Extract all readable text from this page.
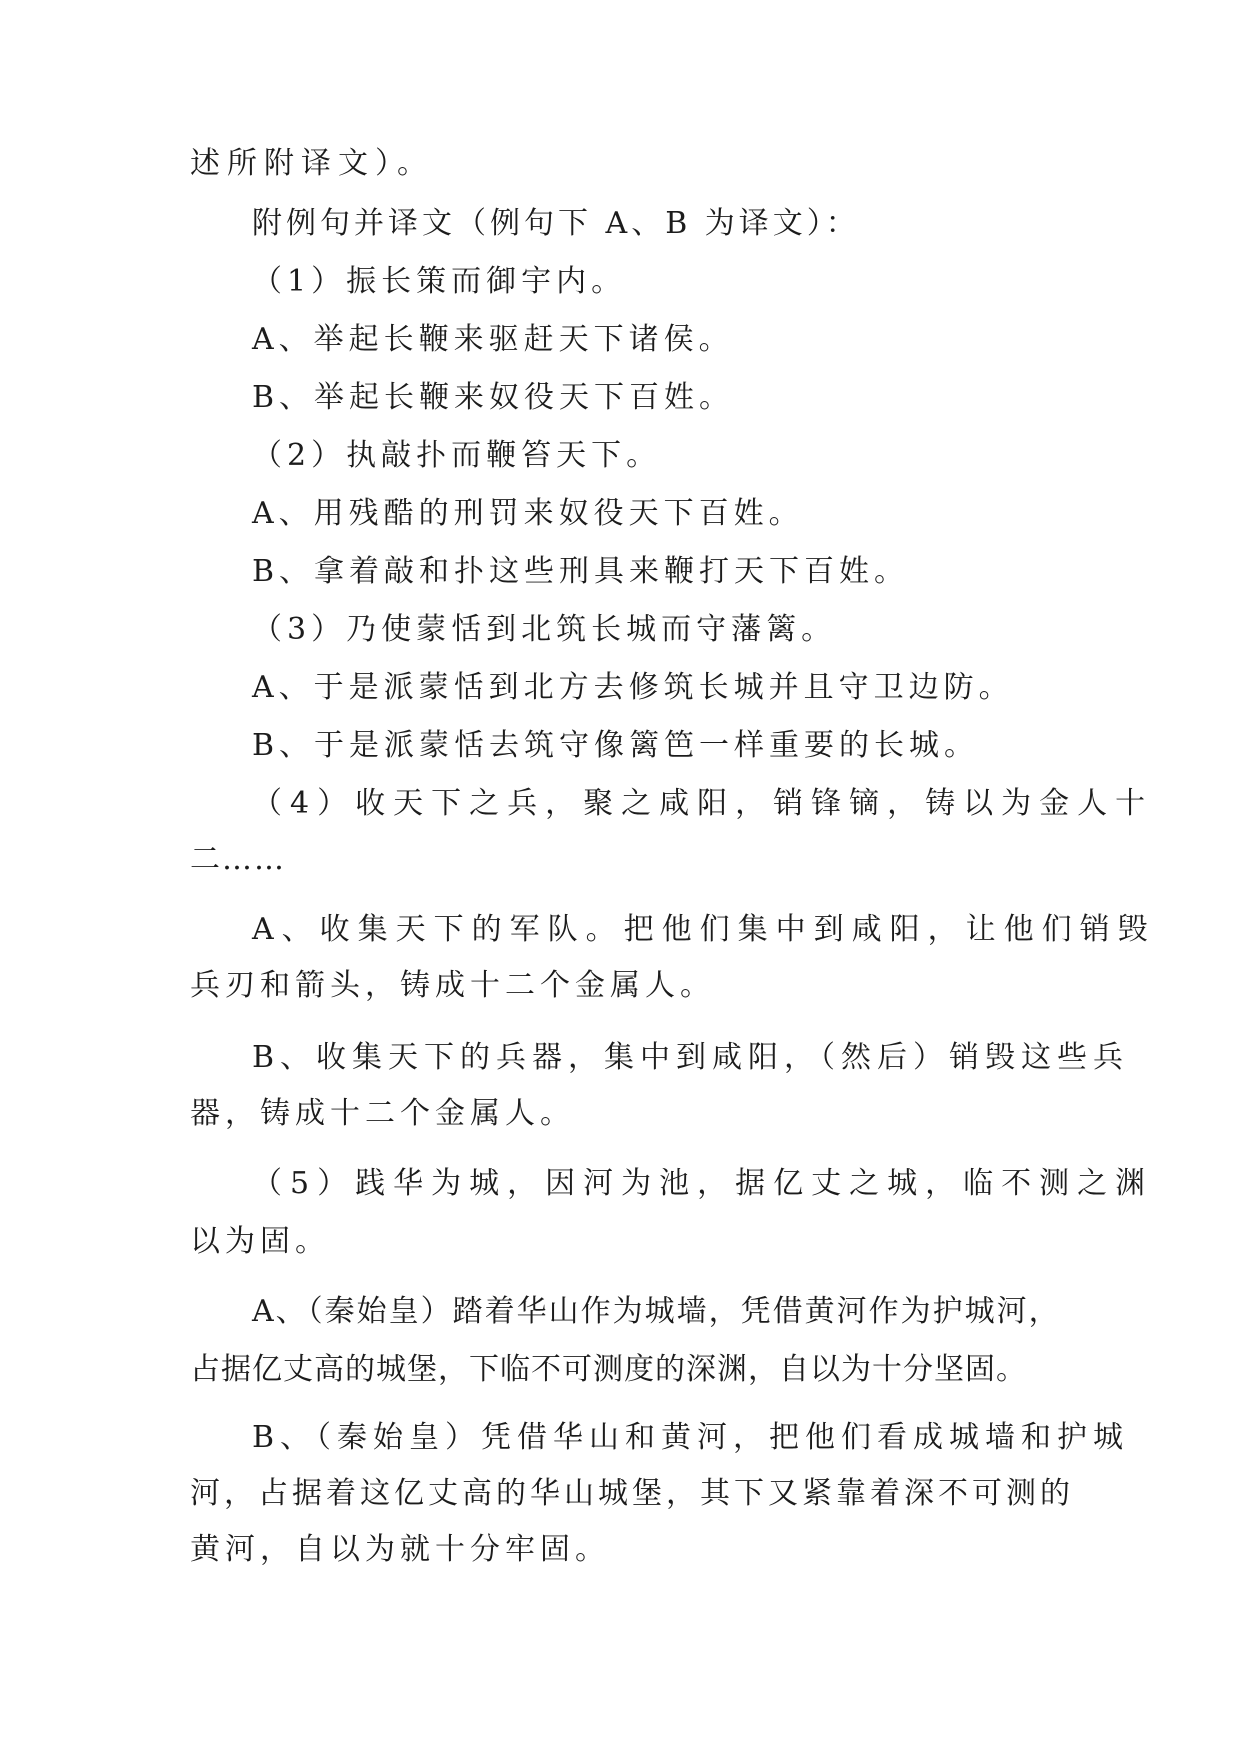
述所附译文）。

附例句并译文（例句下 A、B 为译文）：

（1）振长策而御宇内。

A、举起长鞭来驱赶天下诸侯。

B、举起长鞭来奴役天下百姓。

（2）执敲扑而鞭笞天下。

A、用残酷的刑罚来奴役天下百姓。

B、拿着敲和扑这些刑具来鞭打天下百姓。

（3）乃使蒙恬到北筑长城而守藩篱。

A、于是派蒙恬到北方去修筑长城并且守卫边防。

B、于是派蒙恬去筑守像篱笆一样重要的长城。

（4）收天下之兵，聚之咸阳，销锋镝，铸以为金人十

二……

A、收集天下的军队。把他们集中到咸阳，让他们销毁

兵刃和箭头，铸成十二个金属人。

B、收集天下的兵器，集中到咸阳，（然后）销毁这些兵

器，铸成十二个金属人。

（5）践华为城，因河为池，据亿丈之城，临不测之渊

以为固。

A、（秦始皇）踏着华山作为城墙，凭借黄河作为护城河，

占据亿丈高的城堡，下临不可测度的深渊，自以为十分坚固。

B、（秦始皇）凭借华山和黄河，把他们看成城墙和护城

河，占据着这亿丈高的华山城堡，其下又紧靠着深不可测的

黄河，自以为就十分牢固。
